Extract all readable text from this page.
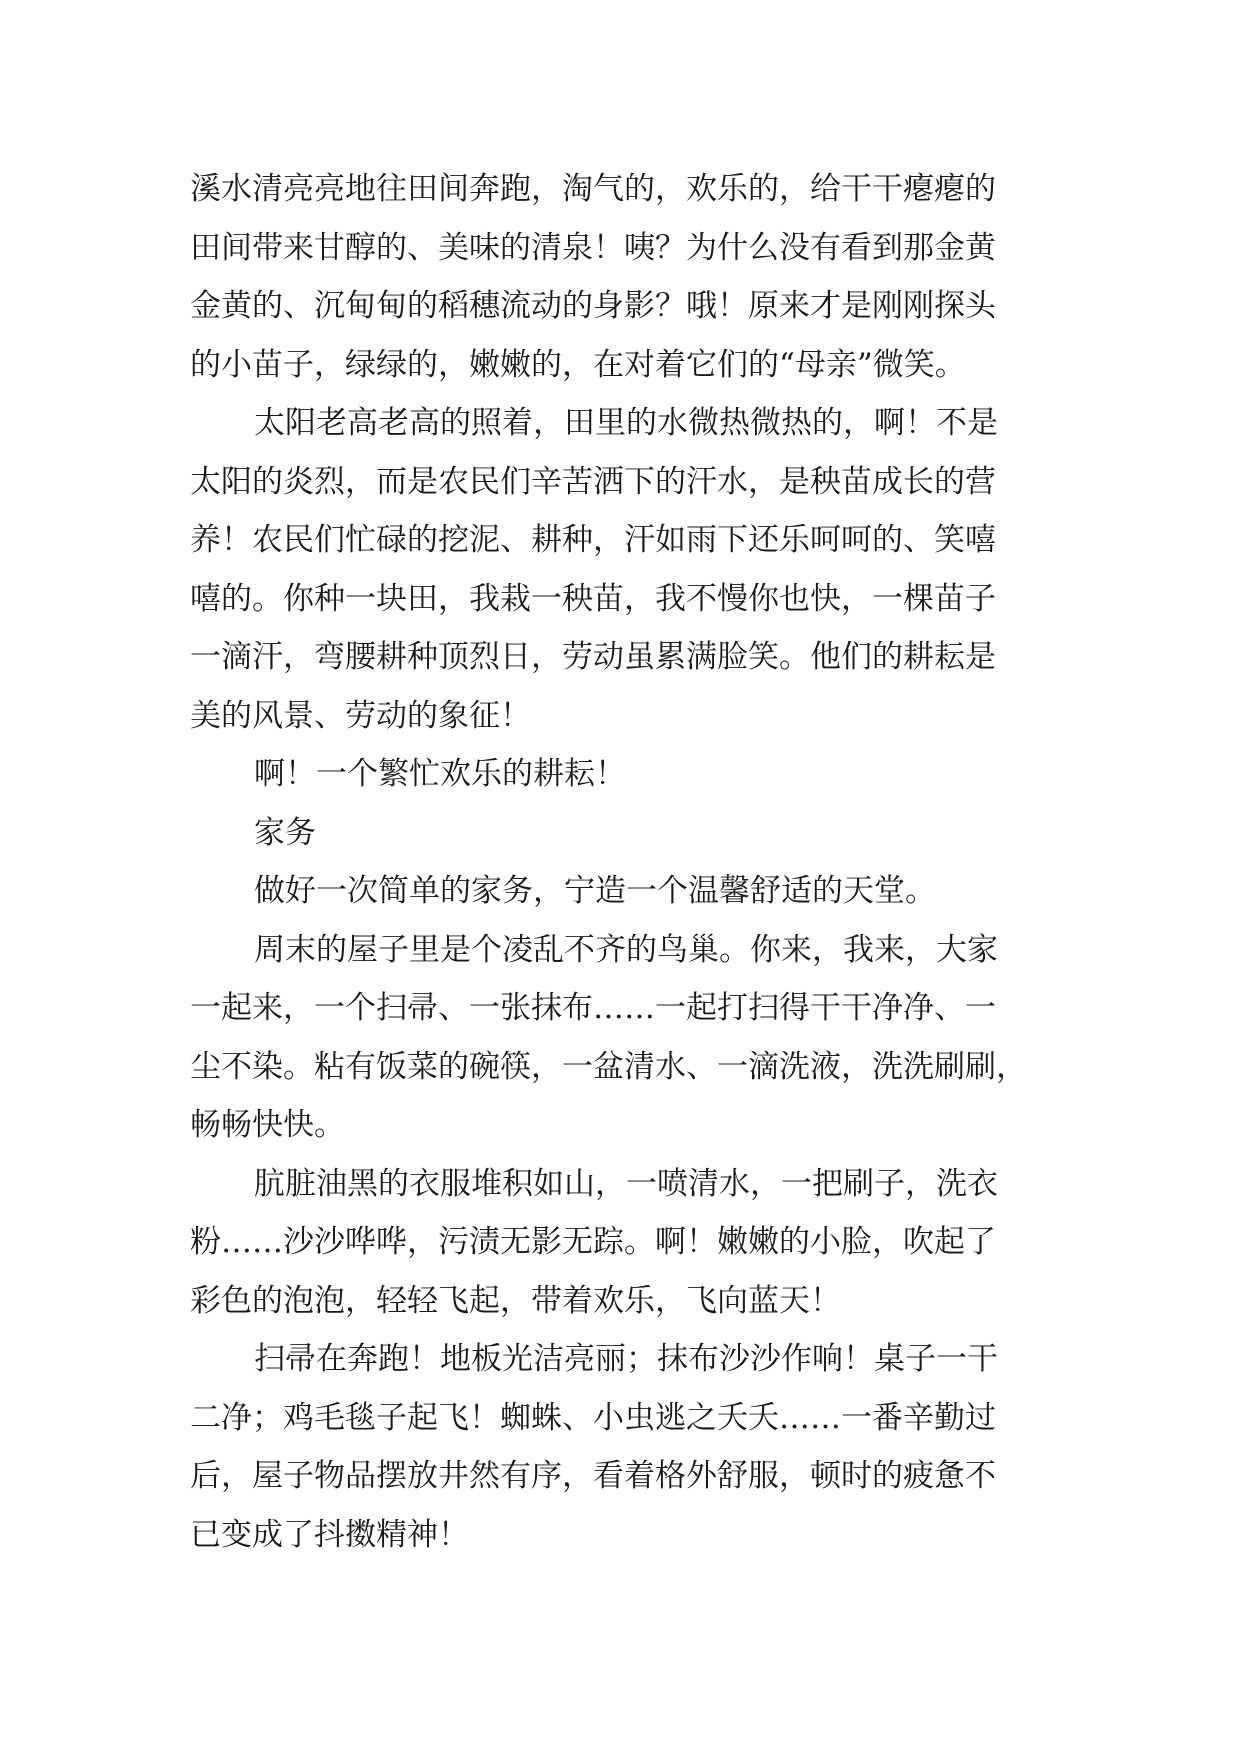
溪水清亮亮地往田间奔跑，淘气的，欢乐的，给干干瘪瘪的
田间带来甘醇的、美味的清泉！咦？为什么没有看到那金黄
金黄的、沉甸甸的稻穗流动的身影？哦！原来才是刚刚探头
的小苗子，绿绿的，嫩嫩的，在对着它们的“母亲”微笑。
太阳老高老高的照着，田里的水微热微热的，啊！不是
太阳的炎烈，而是农民们辛苦洒下的汗水，是秧苗成长的营
养！农民们忙碌的挖泥、耕种，汗如雨下还乐呵呵的、笑嘻
嘻的。你种一块田，我栽一秧苗，我不慢你也快，一棵苗子
一滴汗，弯腰耕种顶烈日，劳动虽累满脸笑。他们的耕耘是
美的风景、劳动的象征！
啊！一个繁忙欢乐的耕耘！
家务
做好一次简单的家务，宁造一个温馨舒适的天堂。
周末的屋子里是个凌乱不齐的鸟巢。你来，我来，大家
一起来，一个扫帚、一张抹布……一起打扫得干干净净、一
尘不染。粘有饭菜的碗筷，一盆清水、一滴洗液，洗洗刷刷，
畅畅快快。
肮脏油黑的衣服堆积如山，一喷清水，一把刷子，洗衣
粉……沙沙哗哗，污渍无影无踪。啊！嫩嫩的小脸，吹起了
彩色的泡泡，轻轻飞起，带着欢乐，飞向蓝天！
扫帚在奔跑！地板光洁亮丽；抹布沙沙作响！桌子一干
二净；鸡毛毯子起飞！蜘蛛、小虫逃之夭夭……一番辛勤过
后，屋子物品摆放井然有序，看着格外舒服，顿时的疲惫不
已变成了抖擞精神！
